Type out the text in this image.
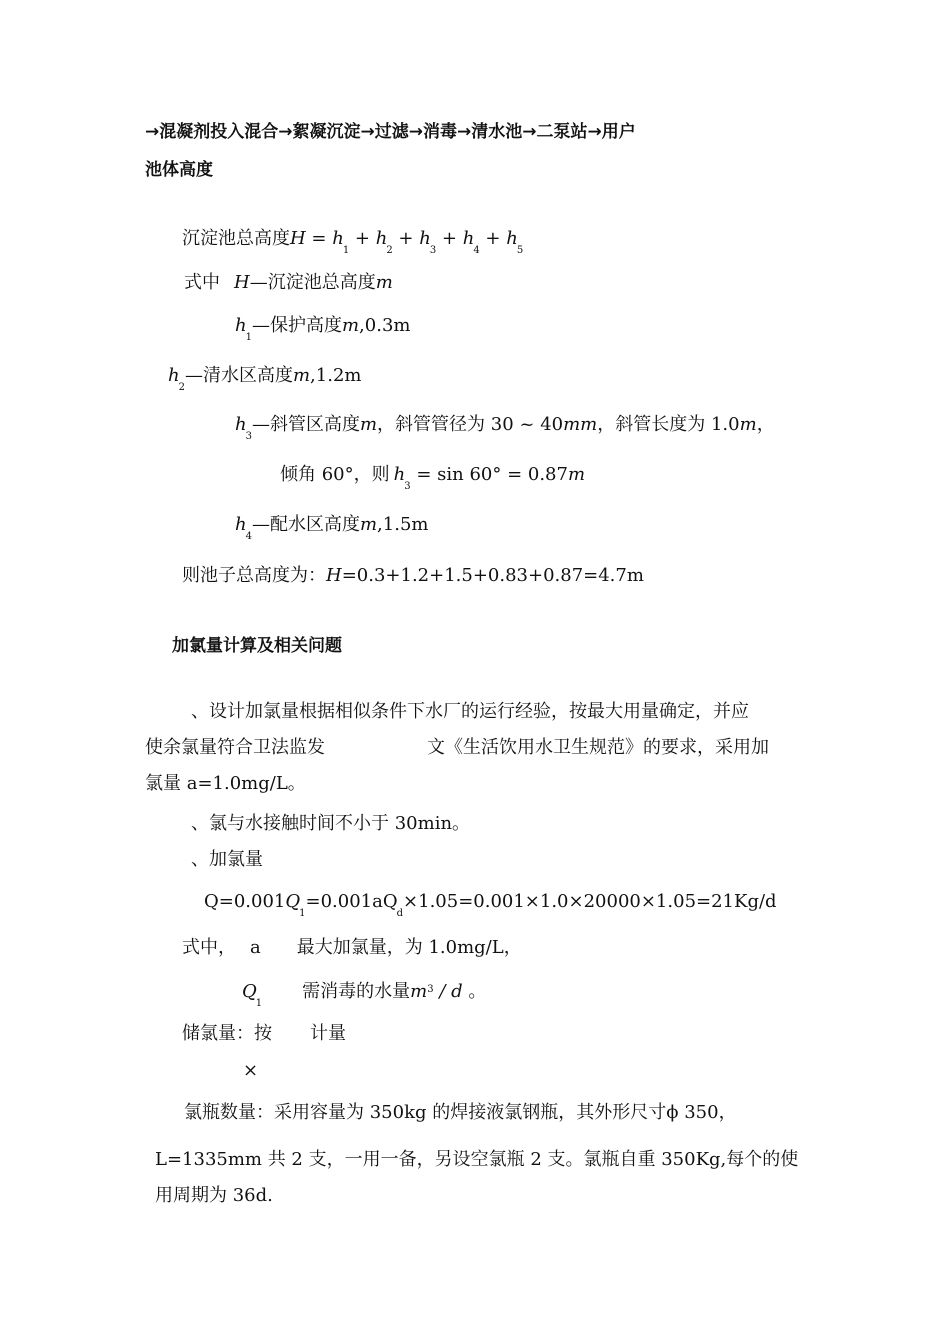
→混凝剂投入混合→絮凝沉淀→过滤→消毒→清水池→二泵站→用户
池体高度
沉淀池总高度$H = h_1 + h_2 + h_3 + h_4 + h_5$
式中 H—沉淀池总高度m
$h_1—$保护高度m,0.3m
$h_2—$清水区高度m,1.2m
$h_3—$斜管区高度m，斜管管径为 30 ~ 40mm，斜管长度为 1.0m，
倾角 60°，则 $h_3 = \sin 60^\circ = 0.87m$
$h_4—$配水区高度m,1.5m
则池子总高度为：H=0.3+1.2+1.5+0.83+0.87=4.7m
加氯量计算及相关问题
、设计加氯量根据相似条件下水厂的运行经验，按最大用量确定，并应
使余氯量符合卫法监发	文《生活饮用水卫生规范》的要求，采用加
氯量 a=1.0mg/L。
、氯与水接触时间不小于 30min。
、加氯量
$Q=0.001Q_1=0.001aQ_d\times 1.05=0.001\times 1.0\times 20000\times 1.05=21Kg/d$
式中， a 最大加氯量，为 1.0mg/L，
$Q_1$需消毒的水量$m^3$ / d 。
储氯量：按 计量
×
氯瓶数量：采用容量为 350kg 的焊接液氯钢瓶，其外形尺寸ϕ 350，
L=1335mm 共 2 支，一用一备，另设空氯瓶 2 支。氯瓶自重 350Kg,每个的使
用周期为 36d.
